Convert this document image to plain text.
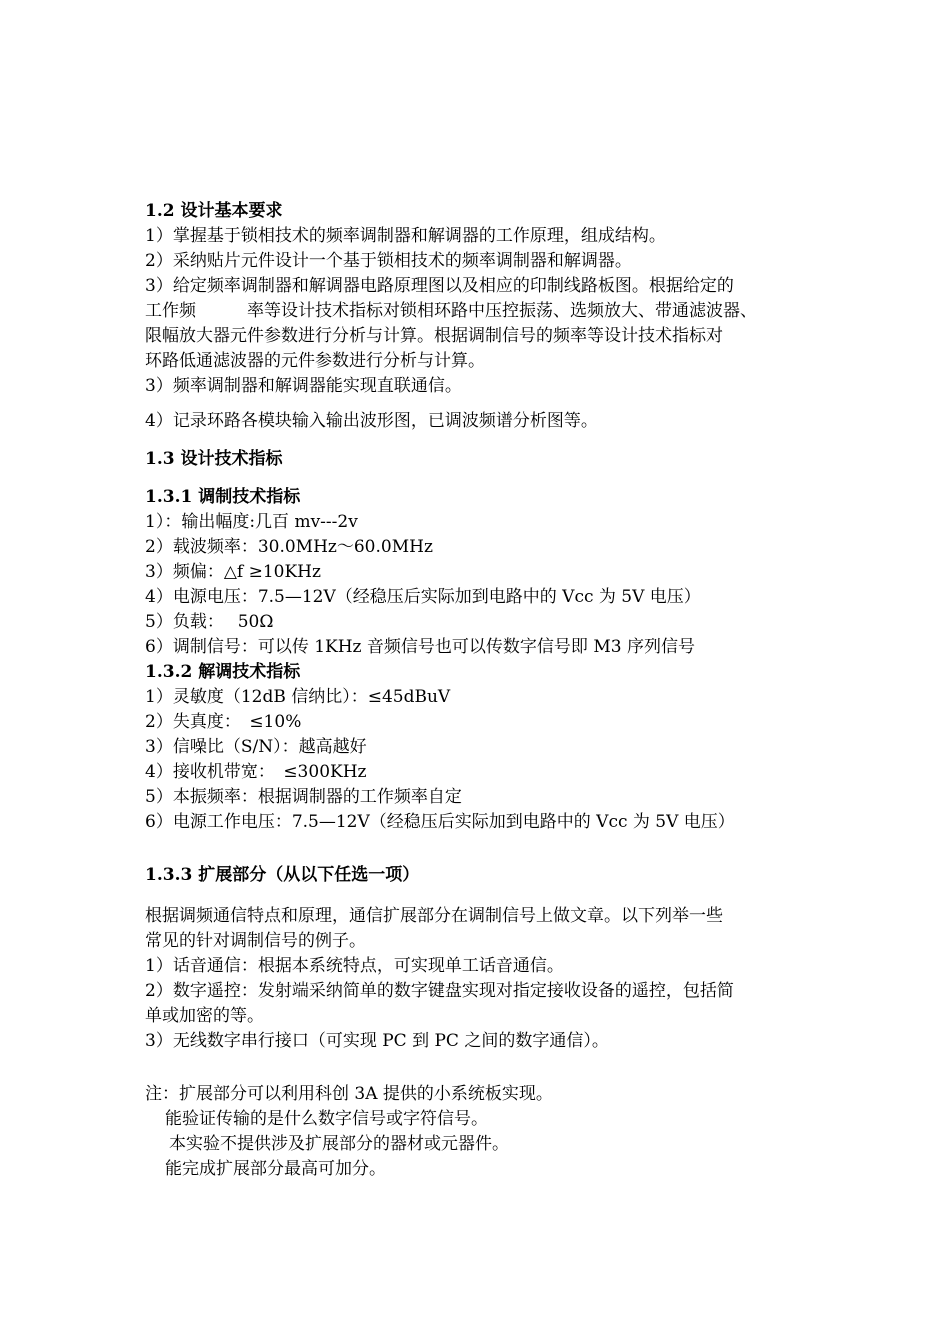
1.2 设计基本要求
1）掌握基于锁相技术的频率调制器和解调器的工作原理，组成结构。
2）采纳贴片元件设计一个基于锁相技术的频率调制器和解调器。
3）给定频率调制器和解调器电路原理图以及相应的印制线路板图。根据给定的
工作频　　　率等设计技术指标对锁相环路中压控振荡、选频放大、带通滤波器、
限幅放大器元件参数进行分析与计算。根据调制信号的频率等设计技术指标对
环路低通滤波器的元件参数进行分析与计算。
3）频率调制器和解调器能实现直联通信。
4）记录环路各模块输入输出波形图，已调波频谱分析图等。
1.3 设计技术指标
1.3.1 调制技术指标
1）：输出幅度:几百 mv---2v
2）载波频率：30.0MHz～60.0MHz
3）频偏：△f ≥10KHz
4）电源电压：7.5—12V（经稳压后实际加到电路中的 Vcc 为 5V 电压）
5）负载：　 50Ω
6）调制信号：可以传 1KHz 音频信号也可以传数字信号即 M3 序列信号
1.3.2 解调技术指标
1）灵敏度（12dB 信纳比）：≤45dBuV
2）失真度：　≤10%
3）信噪比（S/N）：越高越好
4）接收机带宽：　≤300KHz
5）本振频率：根据调制器的工作频率自定
6）电源工作电压：7.5—12V（经稳压后实际加到电路中的 Vcc 为 5V 电压）
1.3.3 扩展部分（从以下任选一项）
根据调频通信特点和原理，通信扩展部分在调制信号上做文章。以下列举一些
常见的针对调制信号的例子。
1）话音通信：根据本系统特点，可实现单工话音通信。
2）数字遥控：发射端采纳简单的数字键盘实现对指定接收设备的遥控，包括简
单或加密的等。
3）无线数字串行接口（可实现 PC 到 PC 之间的数字通信）。
注：扩展部分可以利用科创 3A 提供的小系统板实现。
能验证传输的是什么数字信号或字符信号。
本实验不提供涉及扩展部分的器材或元器件。
能完成扩展部分最高可加分。
